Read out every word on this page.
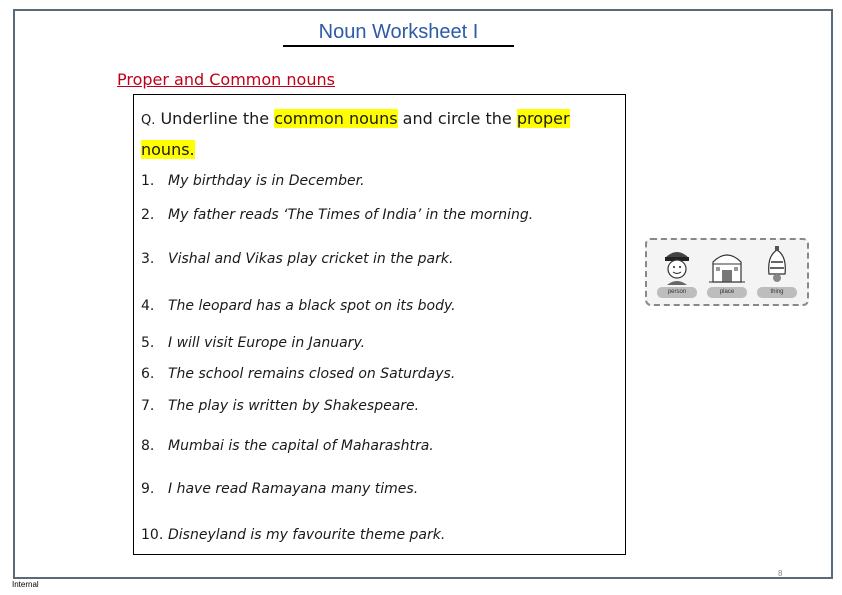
Noun Worksheet I
Proper and Common nouns
Q. Underline the common nouns and circle the proper
nouns.
1. My birthday is in December.
2. My father reads ‘The Times of India’ in the morning.
3. Vishal and Vikas play cricket in the park.
4. The leopard has a black spot on its body.
5. I will visit Europe in January.
6. The school remains closed on Saturdays.
7. The play is written by Shakespeare.
8. Mumbai is the capital of Maharashtra.
9. I have read Ramayana many times.
10. Disneyland is my favourite theme park.
person	place	thing
8
Internal
